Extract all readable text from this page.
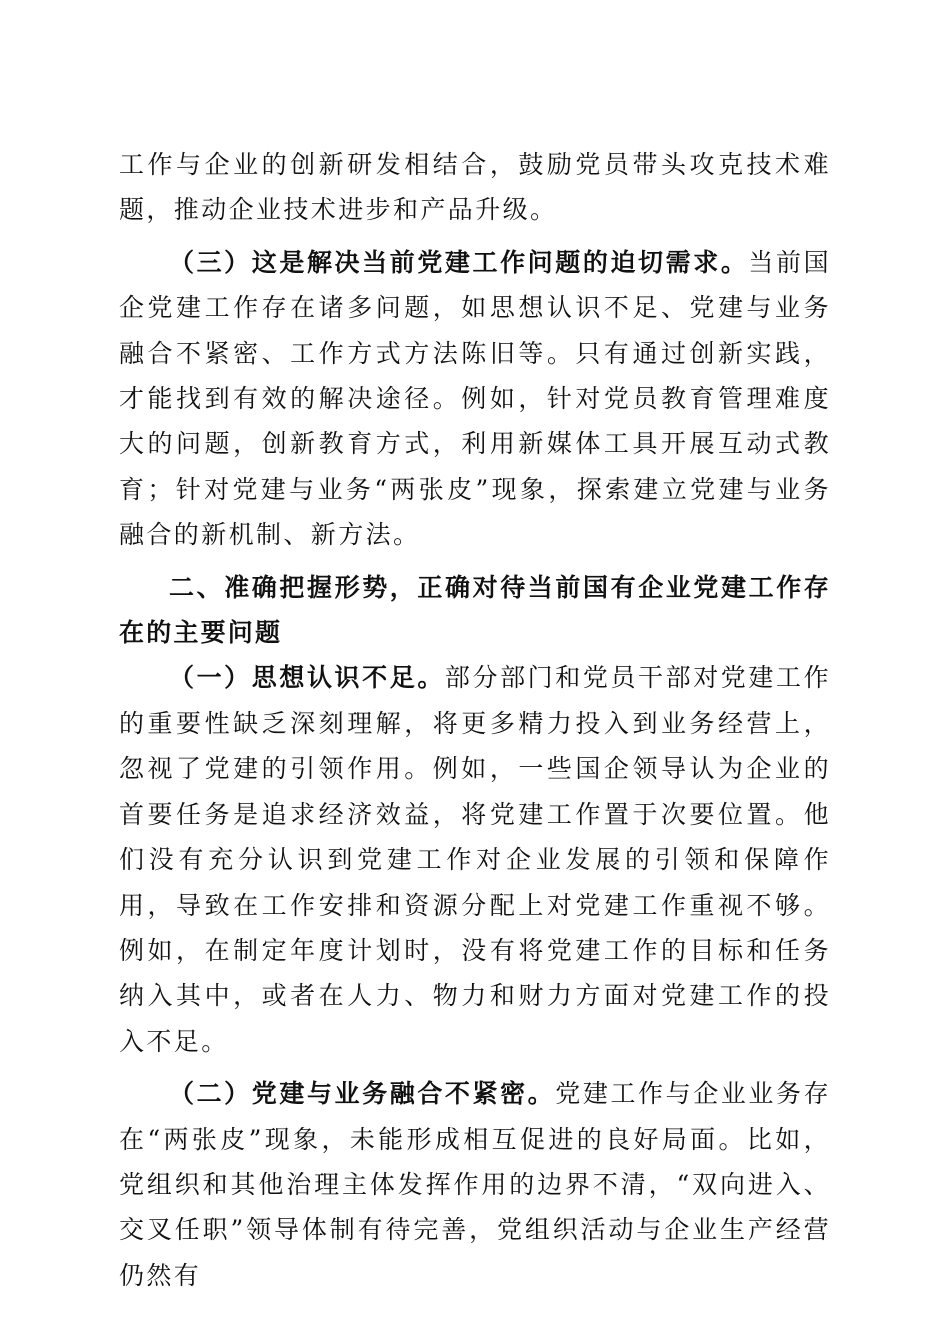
工作与企业的创新研发相结合，鼓励党员带头攻克技术难题，推动企业技术进步和产品升级。

（三）这是解决当前党建工作问题的迫切需求。当前国企党建工作存在诸多问题，如思想认识不足、党建与业务融合不紧密、工作方式方法陈旧等。只有通过创新实践，才能找到有效的解决途径。例如，针对党员教育管理难度大的问题，创新教育方式，利用新媒体工具开展互动式教育；针对党建与业务“两张皮”现象，探索建立党建与业务融合的新机制、新方法。

二、准确把握形势，正确对待当前国有企业党建工作存在的主要问题

（一）思想认识不足。部分部门和党员干部对党建工作的重要性缺乏深刻理解，将更多精力投入到业务经营上，忽视了党建的引领作用。例如，一些国企领导认为企业的首要任务是追求经济效益，将党建工作置于次要位置。他们没有充分认识到党建工作对企业发展的引领和保障作用，导致在工作安排和资源分配上对党建工作重视不够。例如，在制定年度计划时，没有将党建工作的目标和任务纳入其中，或者在人力、物力和财力方面对党建工作的投入不足。

（二）党建与业务融合不紧密。党建工作与企业业务存在“两张皮”现象，未能形成相互促进的良好局面。比如，党组织和其他治理主体发挥作用的边界不清，“双向进入、交叉任职”领导体制有待完善，党组织活动与企业生产经营仍然有
